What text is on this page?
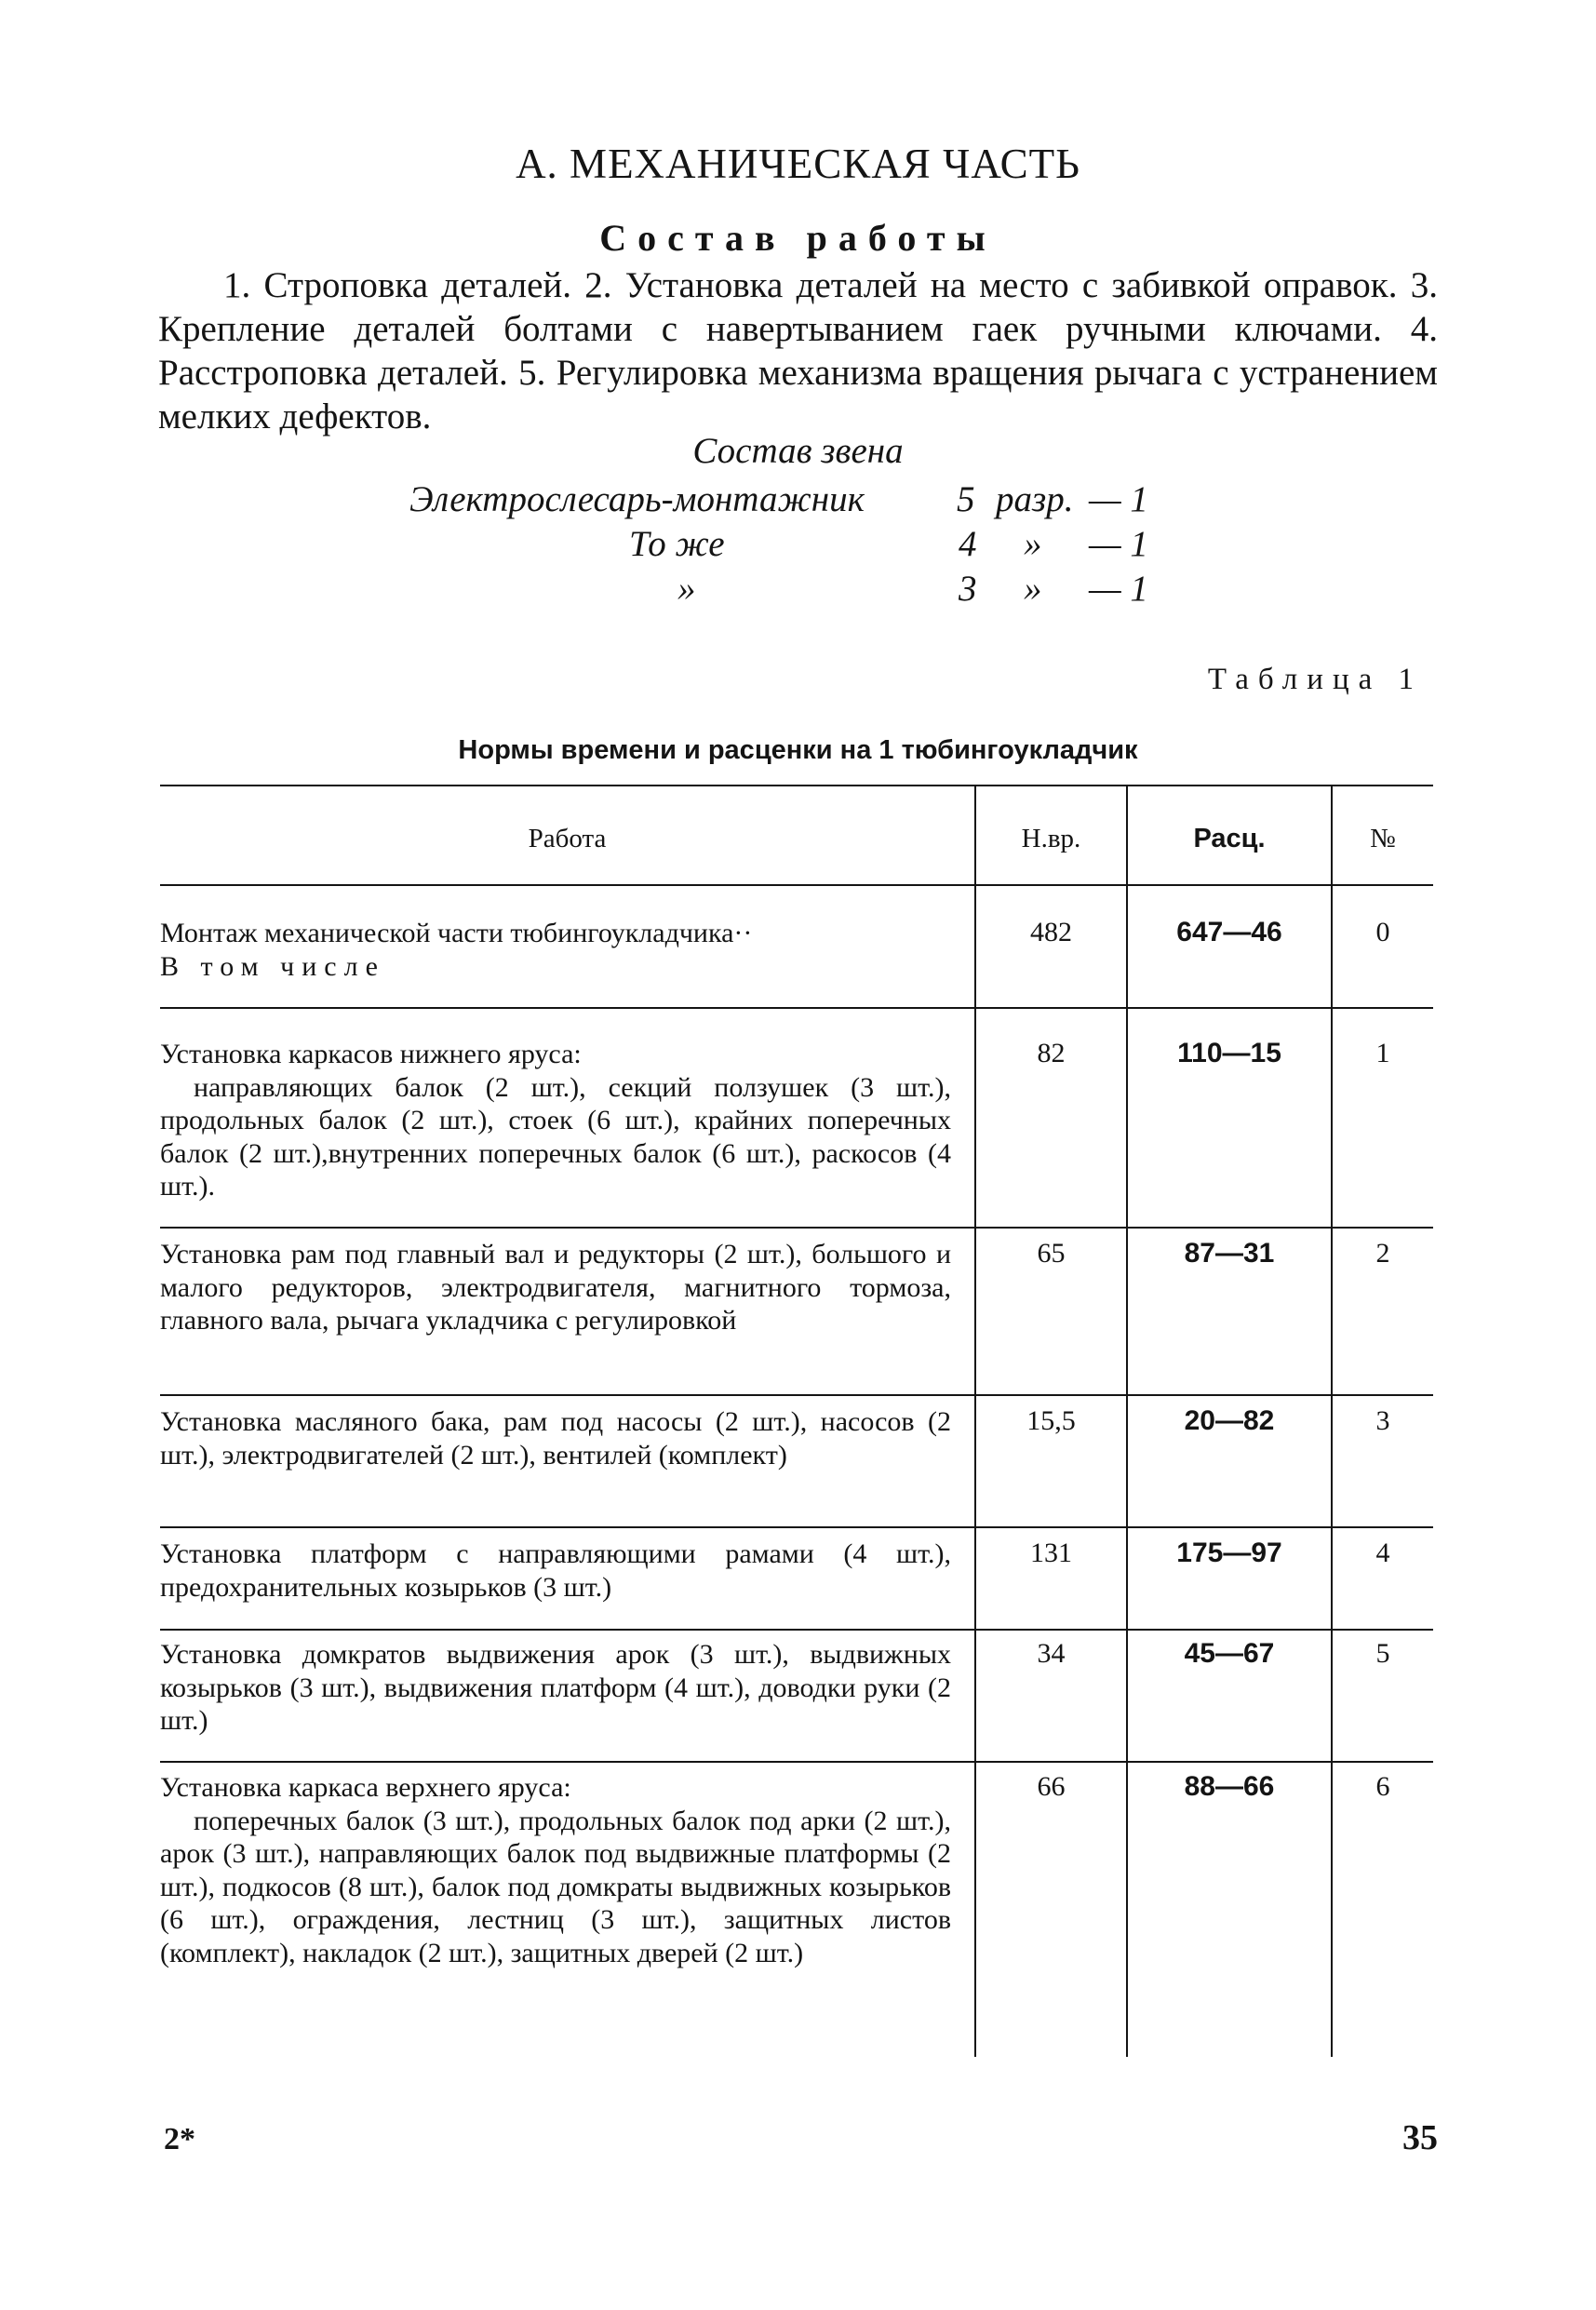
А. МЕХАНИЧЕСКАЯ ЧАСТЬ
Состав работы
1. Строповка деталей. 2. Установка деталей на место с забивкой оправок. 3. Крепление деталей болтами с навертыванием гаек ручными ключами. 4. Расстроповка деталей. 5. Регулировка механизма вращения рычага с устранением мелких дефектов.
Состав звена
Электрослесарь-монтажник	5 разр. — 1
То же	4 » — 1
»	3 » — 1
Таблица 1
Нормы времени и расценки на 1 тюбингоукладчик
Работа	Н.вр.	Расц.	№
Монтаж механической части тюбингоукладчика··
В том числе
482	647—46	0
Установка каркасов нижнего яруса:
направляющих балок (2 шт.), секций ползушек (3 шт.), продольных балок (2 шт.), стоек (6 шт.), крайних поперечных балок (2 шт.),внутренних поперечных балок (6 шт.), раскосов (4 шт.).
82	110—15	1
Установка рам под главный вал и редукторы (2 шт.), большого и малого редукторов, электродвигателя, магнитного тормоза, главного вала, рычага укладчика с регулировкой
65	87—31	2
Установка масляного бака, рам под насосы (2 шт.), насосов (2 шт.), электродвигателей (2 шт.), вентилей (комплект)
15,5	20—82	3
Установка платформ с направляющими рамами (4 шт.), предохранительных козырьков (3 шт.)
131	175—97	4
Установка домкратов выдвижения арок (3 шт.), выдвижных козырьков (3 шт.), выдвижения платформ (4 шт.), доводки руки (2 шт.)
34	45—67	5
Установка каркаса верхнего яруса:
поперечных балок (3 шт.), продольных балок под арки (2 шт.), арок (3 шт.), направляющих балок под выдвижные платформы (2 шт.), подкосов (8 шт.), балок под домкраты выдвижных козырьков (6 шт.), ограждения, лестниц (3 шт.), защитных листов (комплект), накладок (2 шт.), защитных дверей (2 шт.)
66	88—66	6
2*	35
